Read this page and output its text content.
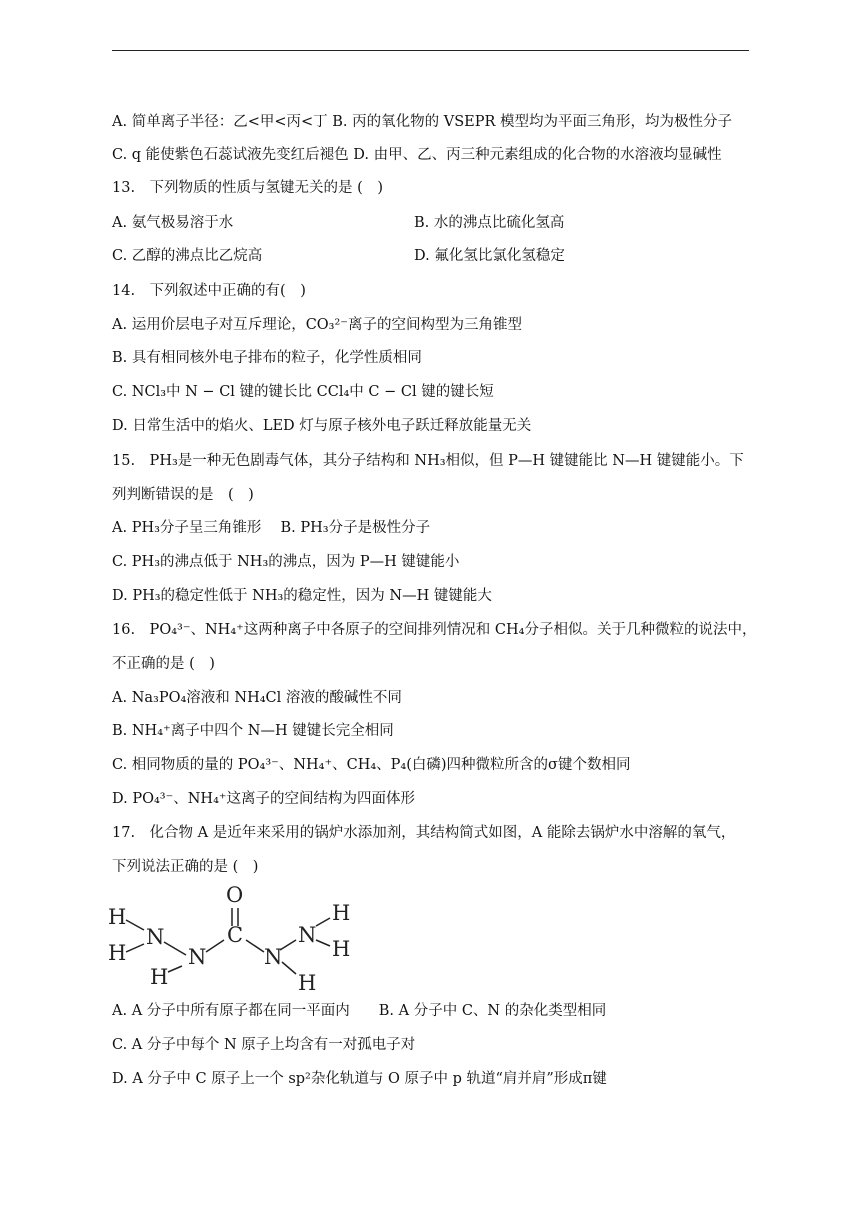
A. 简单离子半径：乙<甲<丙<丁 B. 丙的氧化物的 VSEPR 模型均为平面三角形，均为极性分子
C. q 能使紫色石蕊试液先变红后褪色 D. 由甲、乙、丙三种元素组成的化合物的水溶液均显碱性
13.　下列物质的性质与氢键无关的是 (　)
A. 氨气极易溶于水	B. 水的沸点比硫化氢高
C. 乙醇的沸点比乙烷高	D. 氟化氢比氯化氢稳定
14.　下列叙述中正确的有(　)
A. 运用价层电子对互斥理论，CO₃²⁻离子的空间构型为三角锥型
B. 具有相同核外电子排布的粒子，化学性质相同
C. NCl₃中 N − Cl 键的键长比 CCl₄中 C − Cl 键的键长短
D. 日常生活中的焰火、LED 灯与原子核外电子跃迁释放能量无关
15.　PH₃是一种无色剧毒气体，其分子结构和 NH₃相似，但 P—H 键键能比 N—H 键键能小。下
列判断错误的是　(　)
A. PH₃分子呈三角锥形　 B. PH₃分子是极性分子
C. PH₃的沸点低于 NH₃的沸点，因为 P—H 键键能小
D. PH₃的稳定性低于 NH₃的稳定性，因为 N—H 键键能大
16.　PO₄³⁻、NH₄⁺这两种离子中各原子的空间排列情况和 CH₄分子相似。关于几种微粒的说法中，
不正确的是 (　)
A. Na₃PO₄溶液和 NH₄Cl 溶液的酸碱性不同
B. NH₄⁺离子中四个 N—H 键键长完全相同
C. 相同物质的量的 PO₄³⁻、NH₄⁺、CH₄、P₄(白磷)四种微粒所含的σ键个数相同
D. PO₄³⁻、NH₄⁺这离子的空间结构为四面体形
17.　化合物 A 是近年来采用的锅炉水添加剂，其结构简式如图，A 能除去锅炉水中溶解的氧气，
下列说法正确的是 (　)
O
C
H
H
N
N
H
N
H
N
H
H
A. A 分子中所有原子都在同一平面内　　B. A 分子中 C、N 的杂化类型相同
C. A 分子中每个 N 原子上均含有一对孤电子对
D. A 分子中 C 原子上一个 sp²杂化轨道与 O 原子中 p 轨道“肩并肩”形成π键
